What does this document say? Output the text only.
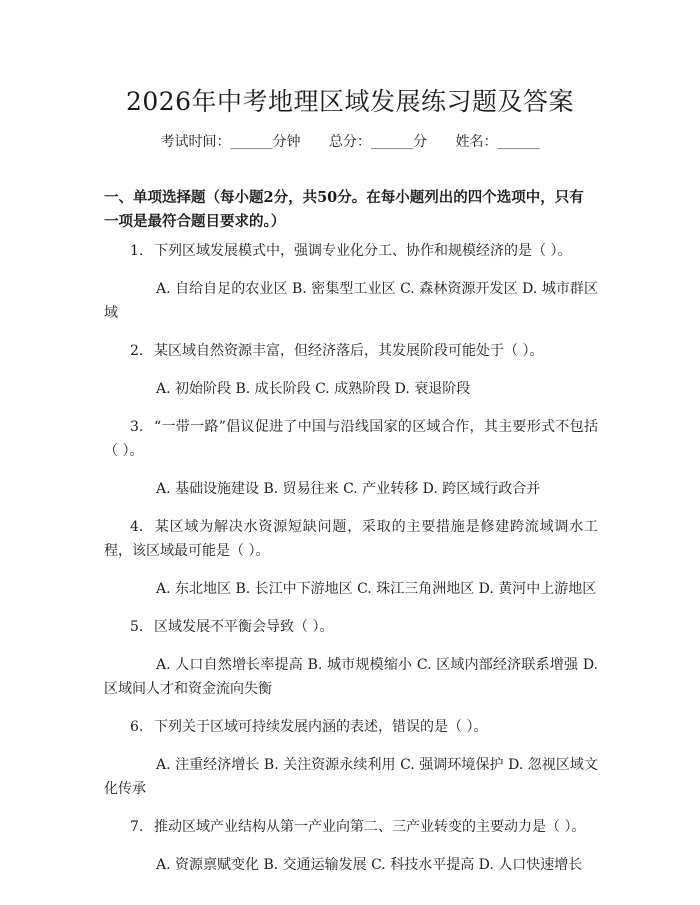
2026年中考地理区域发展练习题及答案
考试时间：______分钟 总分：______分 姓名：______

一、单项选择题（每小题2分，共50分。在每小题列出的四个选项中，只有一项是最符合题目要求的。）

1. 下列区域发展模式中，强调专业化分工、协作和规模经济的是（ ）。

A. 自给自足的农业区 B. 密集型工业区 C. 森林资源开发区 D. 城市群区域

2. 某区域自然资源丰富，但经济落后，其发展阶段可能处于（ ）。

A. 初始阶段 B. 成长阶段 C. 成熟阶段 D. 衰退阶段

3. “一带一路”倡议促进了中国与沿线国家的区域合作，其主要形式不包括（ ）。

A. 基础设施建设 B. 贸易往来 C. 产业转移 D. 跨区域行政合并

4. 某区域为解决水资源短缺问题，采取的主要措施是修建跨流域调水工程，该区域最可能是（ ）。

A. 东北地区 B. 长江中下游地区 C. 珠江三角洲地区 D. 黄河中上游地区

5. 区域发展不平衡会导致（ ）。

A. 人口自然增长率提高 B. 城市规模缩小 C. 区域内部经济联系增强 D. 区域间人才和资金流向失衡

6. 下列关于区域可持续发展内涵的表述，错误的是（ ）。

A. 注重经济增长 B. 关注资源永续利用 C. 强调环境保护 D. 忽视区域文化传承

7. 推动区域产业结构从第一产业向第二、三产业转变的主要动力是（ ）。

A. 资源禀赋变化 B. 交通运输发展 C. 科技水平提高 D. 人口快速增长
